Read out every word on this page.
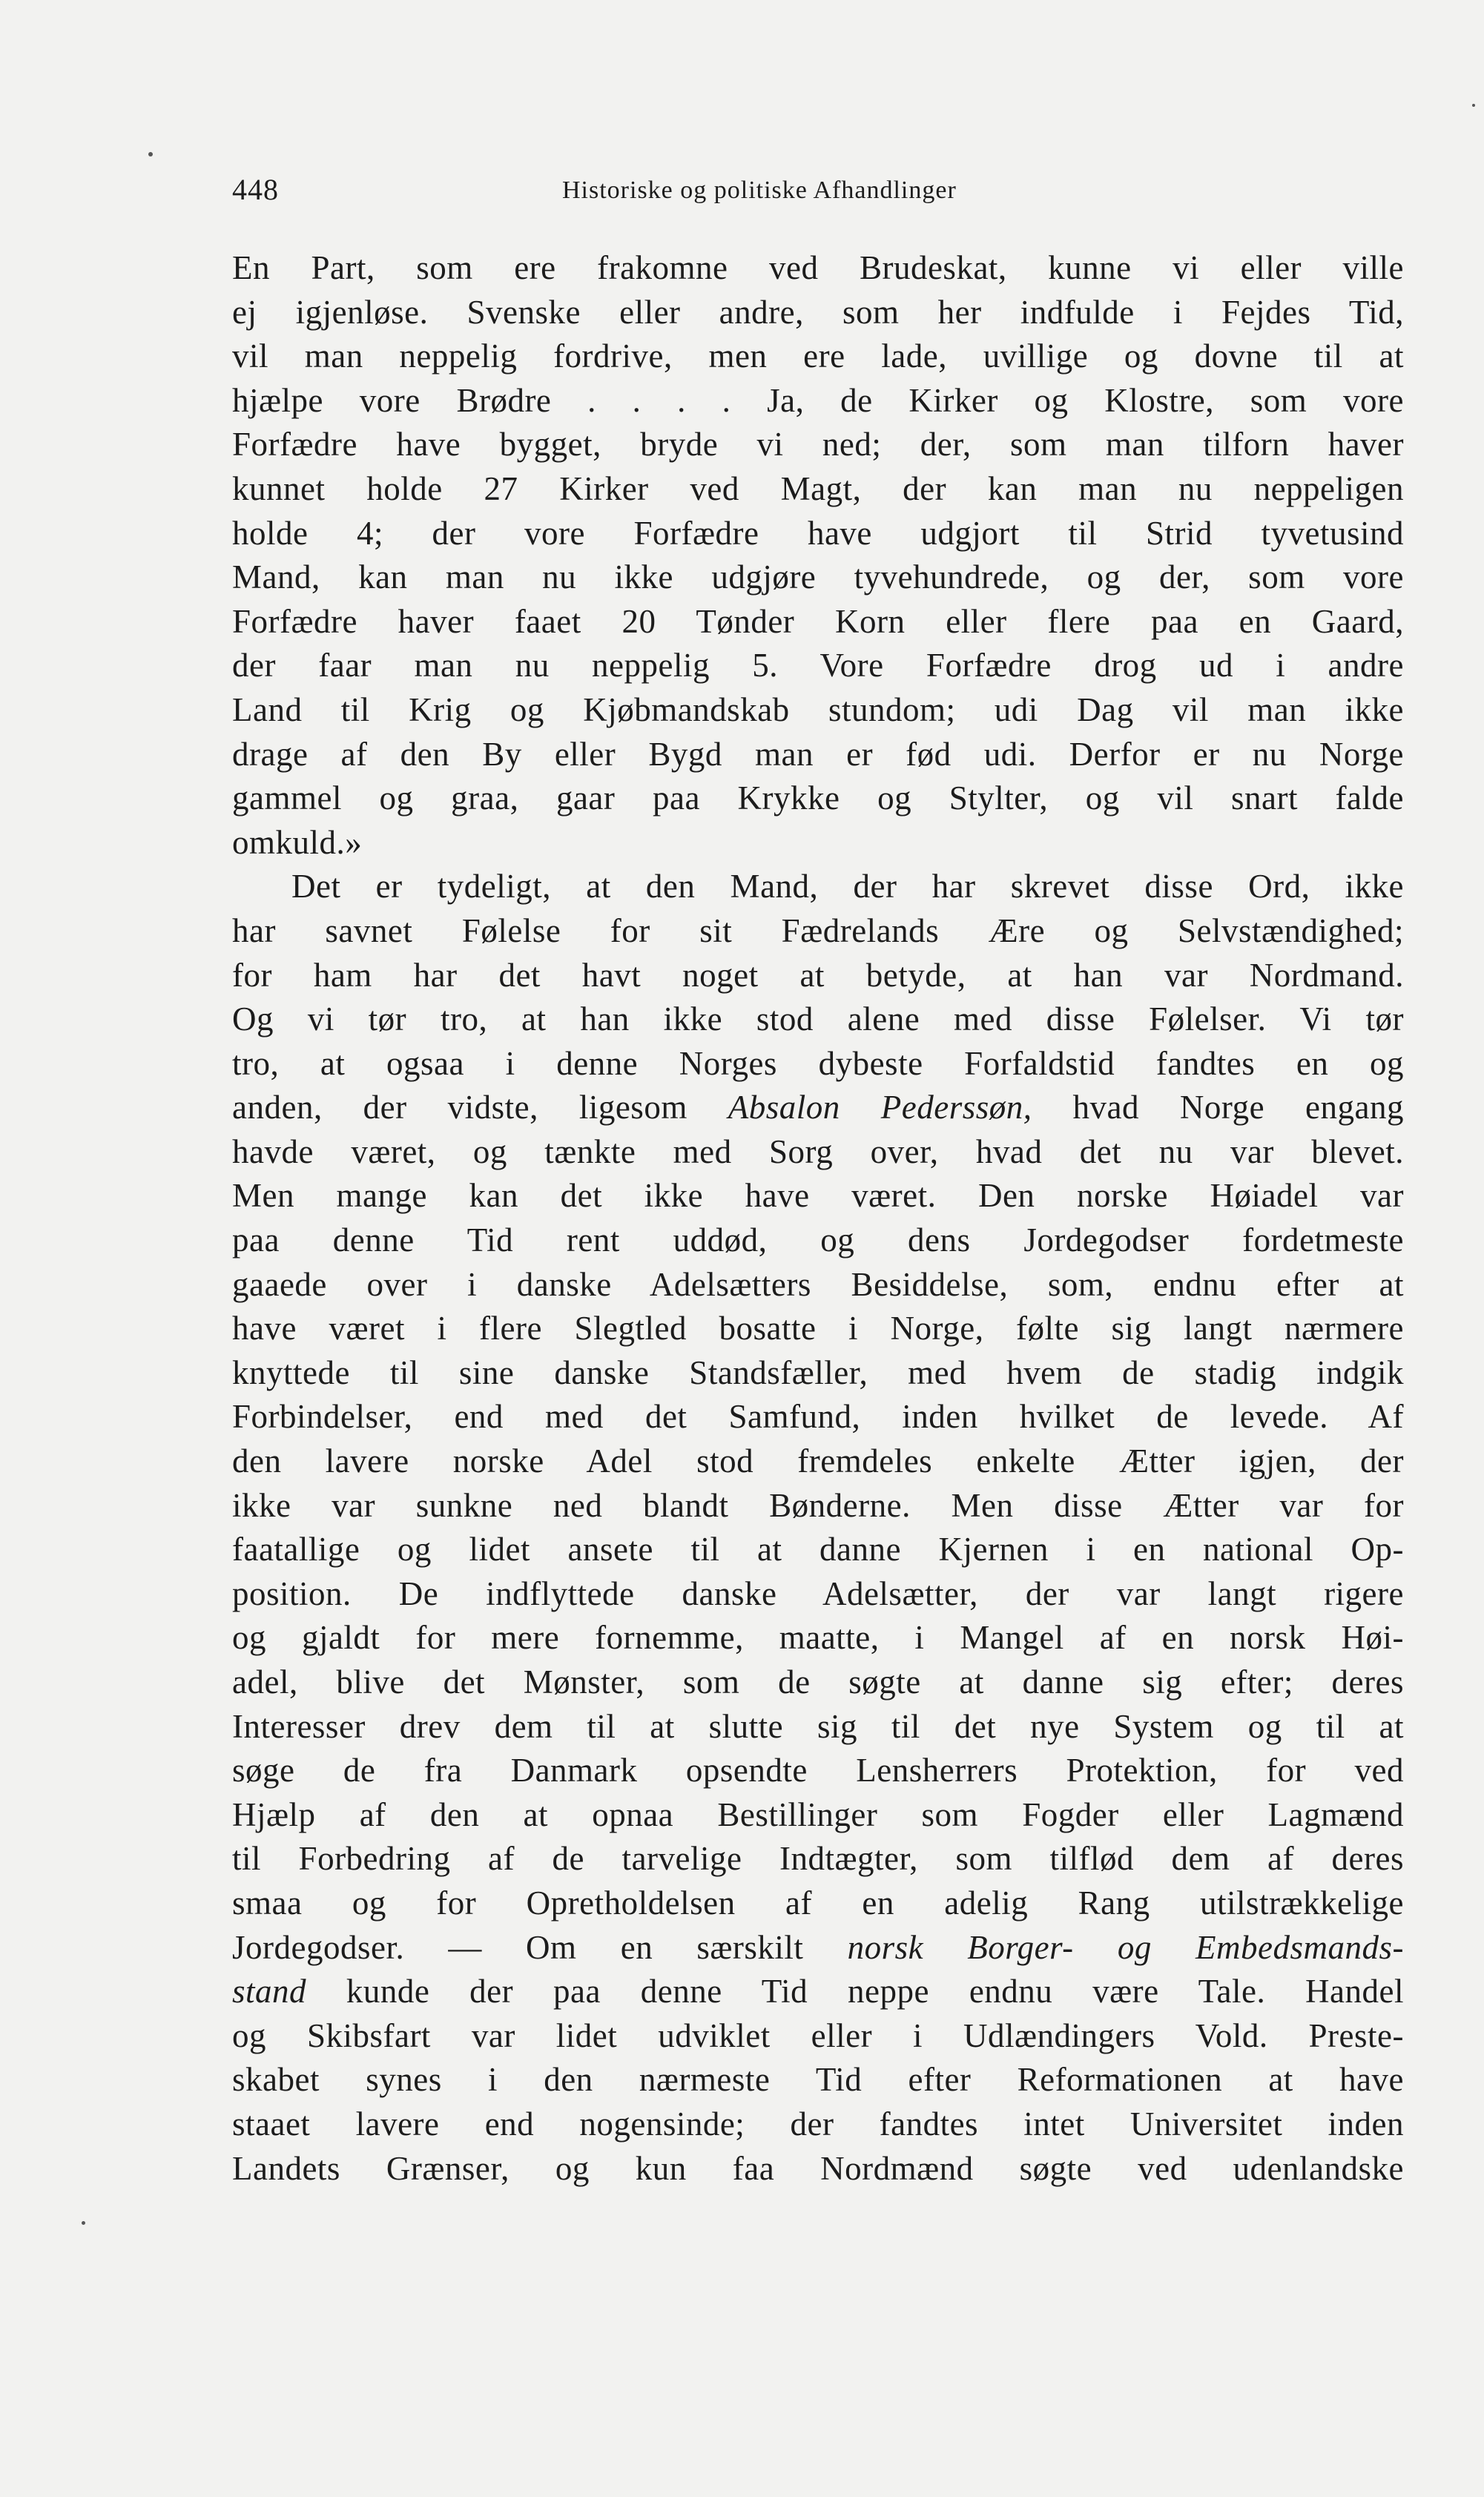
448	Historiske og politiske Afhandlinger
En Part, som ere frakomne ved Brudeskat, kunne vi eller ville
ej igjenløse. Svenske eller andre, som her indfulde i Fejdes Tid,
vil man neppelig fordrive, men ere lade, uvillige og dovne til at
hjælpe vore Brødre . . . . Ja, de Kirker og Klostre, som vore
Forfædre have bygget, bryde vi ned; der, som man tilforn haver
kunnet holde 27 Kirker ved Magt, der kan man nu neppeligen
holde 4; der vore Forfædre have udgjort til Strid tyvetusind
Mand, kan man nu ikke udgjøre tyvehundrede, og der, som vore
Forfædre haver faaet 20 Tønder Korn eller flere paa en Gaard,
der faar man nu neppelig 5. Vore Forfædre drog ud i andre
Land til Krig og Kjøbmandskab stundom; udi Dag vil man ikke
drage af den By eller Bygd man er fød udi. Derfor er nu Norge
gammel og graa, gaar paa Krykke og Stylter, og vil snart falde
omkuld.»
Det er tydeligt, at den Mand, der har skrevet disse Ord, ikke
har savnet Følelse for sit Fædrelands Ære og Selvstændighed;
for ham har det havt noget at betyde, at han var Nordmand.
Og vi tør tro, at han ikke stod alene med disse Følelser. Vi tør
tro, at ogsaa i denne Norges dybeste Forfaldstid fandtes en og
anden, der vidste, ligesom Absalon Pederssøn, hvad Norge engang
havde været, og tænkte med Sorg over, hvad det nu var blevet.
Men mange kan det ikke have været. Den norske Høiadel var
paa denne Tid rent uddød, og dens Jordegodser fordetmeste
gaaede over i danske Adelsætters Besiddelse, som, endnu efter at
have været i flere Slegtled bosatte i Norge, følte sig langt nærmere
knyttede til sine danske Standsfæller, med hvem de stadig indgik
Forbindelser, end med det Samfund, inden hvilket de levede. Af
den lavere norske Adel stod fremdeles enkelte Ætter igjen, der
ikke var sunkne ned blandt Bønderne. Men disse Ætter var for
faatallige og lidet ansete til at danne Kjernen i en national Op-
position. De indflyttede danske Adelsætter, der var langt rigere
og gjaldt for mere fornemme, maatte, i Mangel af en norsk Høi-
adel, blive det Mønster, som de søgte at danne sig efter; deres
Interesser drev dem til at slutte sig til det nye System og til at
søge de fra Danmark opsendte Lensherrers Protektion, for ved
Hjælp af den at opnaa Bestillinger som Fogder eller Lagmænd
til Forbedring af de tarvelige Indtægter, som tilflød dem af deres
smaa og for Opretholdelsen af en adelig Rang utilstrækkelige
Jordegodser. — Om en særskilt norsk Borger- og Embedsmands-
stand kunde der paa denne Tid neppe endnu være Tale. Handel
og Skibsfart var lidet udviklet eller i Udlændingers Vold. Preste-
skabet synes i den nærmeste Tid efter Reformationen at have
staaet lavere end nogensinde; der fandtes intet Universitet inden
Landets Grænser, og kun faa Nordmænd søgte ved udenlandske
